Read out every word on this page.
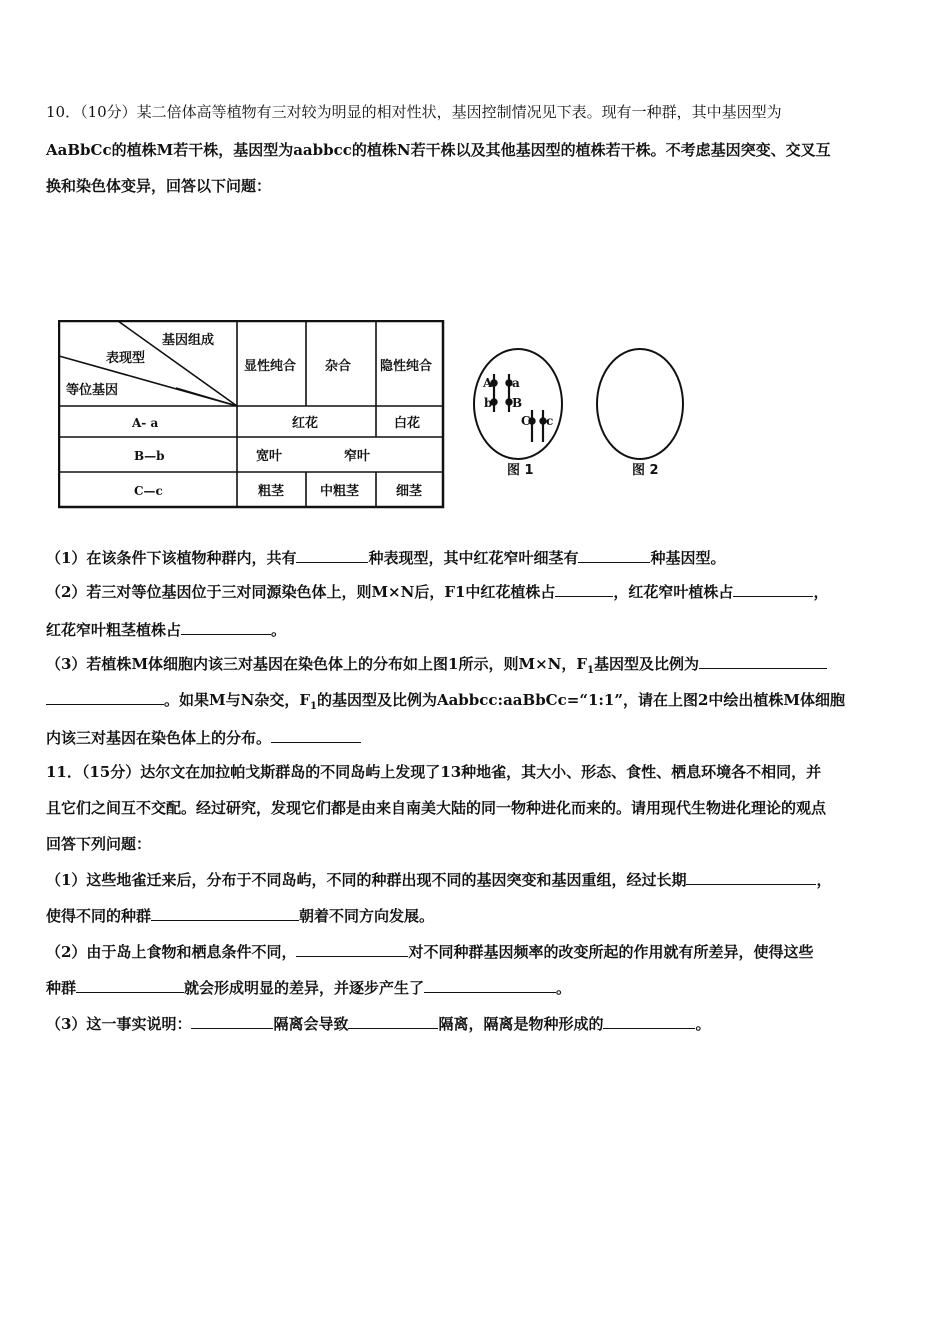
10．（10分）某二倍体高等植物有三对较为明显的相对性状，基因控制情况见下表。现有一种群，其中基因型为
AaBbCc的植株M若干株，基因型为aabbcc的植株N若干株以及其他基因型的植株若干株。不考虑基因突变、交叉互
换和染色体变异，回答以下问题：
基因组成
表现型
等位基因
显性纯合 杂合 隐性纯合
A- a	红花	白花
B—b	宽叶	窄叶
C—c	粗茎	中粗茎	细茎
A a
b B
C c
图 1	图 2
（1）在该条件下该植物种群内，共有	种表现型，其中红花窄叶细茎有	种基因型。
（2）若三对等位基因位于三对同源染色体上，则M×N后，F1中红花植株占	，红花窄叶植株占	，
红花窄叶粗茎植株占	。
（3）若植株M体细胞内该三对基因在染色体上的分布如上图1所示，则M×N，$F_1$基因型及比例为
。如果M与N杂交，$F_1$的基因型及比例为Aabbcc:aaBbCc=“1:1”，请在上图2中绘出植株M体细胞
内该三对基因在染色体上的分布。
11．（15分）达尔文在加拉帕戈斯群岛的不同岛屿上发现了13种地雀，其大小、形态、食性、栖息环境各不相同，并
且它们之间互不交配。经过研究，发现它们都是由来自南美大陆的同一物种进化而来的。请用现代生物进化理论的观点
回答下列问题：
（1）这些地雀迁来后，分布于不同岛屿，不同的种群出现不同的基因突变和基因重组，经过长期	，
使得不同的种群	朝着不同方向发展。
（2）由于岛上食物和栖息条件不同，	对不同种群基因频率的改变所起的作用就有所差异，使得这些
种群	就会形成明显的差异，并逐步产生了	。
（3）这一事实说明：	隔离会导致	隔离，隔离是物种形成的	。
